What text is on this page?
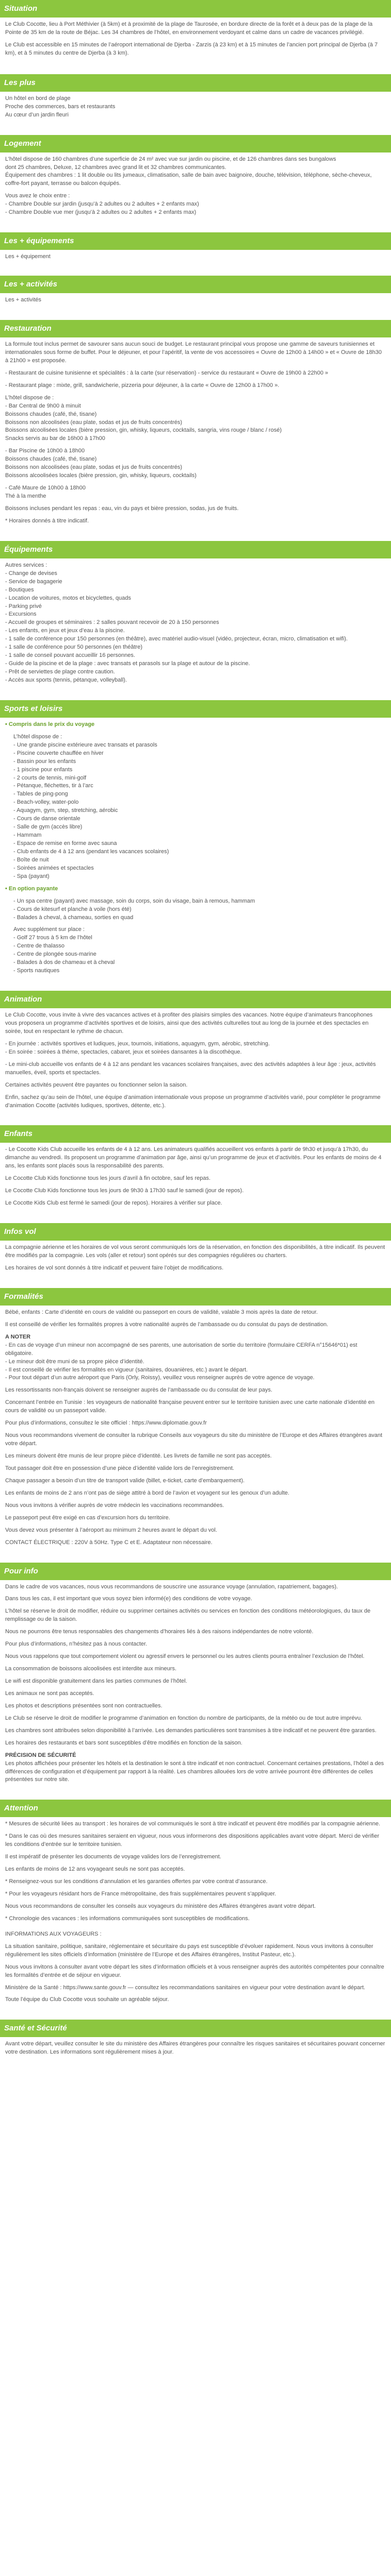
Situation

Le Club Cocotte, lieu à Port Méthivier (à 5km) et à proximité de la plage de Taurosée, en bordure directe de la forêt et à deux pas de la plage de la Pointe de 35 km de la route de Béjac. Les 34 chambres de l’hôtel, en environnement verdoyant et calme dans un cadre de vacances privilégié.

Le Club est accessible en 15 minutes de l’aéroport international de Djerba - Zarzis (à 23 km) et à 15 minutes de l’ancien port principal de Djerba (à 7 km), et à 5 minutes du centre de Djerba (à 3 km).

Les plus

Un hôtel en bord de plage

Proche des commerces, bars et restaurants

Au cœur d’un jardin fleuri

Logement

L’hôtel dispose de 160 chambres d’une superficie de 24 m² avec vue sur jardin ou piscine, et de 126 chambres dans ses bungalows

dont 25 chambres, Deluxe, 12 chambres avec grand lit et 32 chambres communicantes.

Équipement des chambres : 1 lit double ou lits jumeaux, climatisation, salle de bain avec baignoire, douche, télévision, téléphone, sèche-cheveux, coffre-fort payant, terrasse ou balcon équipés.

Vous avez le choix entre :

- Chambre Double sur jardin (jusqu’à 2 adultes ou 2 adultes + 2 enfants max)

- Chambre Double vue mer (jusqu’à 2 adultes ou 2 adultes + 2 enfants max)

Les + équipements

Les + équipement

Les + activités

Les + activités

Restauration

La formule tout inclus permet de savourer sans aucun souci de budget. Le restaurant principal vous propose une gamme de saveurs tunisiennes et internationales sous forme de buffet. Pour le déjeuner, et pour l’apéritif, la vente de vos accessoires « Ouvre de 12h00 à 14h00 » et « Ouvre de 18h30 à 21h00 » est proposée.

- Restaurant de cuisine tunisienne et spécialités : à la carte (sur réservation) - service du restaurant « Ouvre de 19h00 à 22h00 »

- Restaurant plage : mixte, grill, sandwicherie, pizzeria pour déjeuner, à la carte « Ouvre de 12h00 à 17h00 ».

L’hôtel dispose de :

- Bar Central de 9h00 à minuit

Boissons chaudes (café, thé, tisane)

Boissons non alcoolisées (eau plate, sodas et jus de fruits concentrés)

Boissons alcoolisées locales (bière pression, gin, whisky, liqueurs, cocktails, sangria, vins rouge / blanc / rosé)

Snacks servis au bar de 16h00 à 17h00

- Bar Piscine de 10h00 à 18h00

Boissons chaudes (café, thé, tisane)

Boissons non alcoolisées (eau plate, sodas et jus de fruits concentrés)

Boissons alcoolisées locales (bière pression, gin, whisky, liqueurs, cocktails)

- Café Maure de 10h00 à 18h00

Thé à la menthe

Boissons incluses pendant les repas : eau, vin du pays et bière pression, sodas, jus de fruits.

* Horaires donnés à titre indicatif.

Équipements

Autres services :

- Change de devises

- Service de bagagerie

- Boutiques

- Location de voitures, motos et bicyclettes, quads

- Parking privé

- Excursions

- Accueil de groupes et séminaires : 2 salles pouvant recevoir de 20 à 150 personnes

- Les enfants, en jeux et jeux d’eau à la piscine.

- 1 salle de conférence pour 150 personnes (en théâtre), avec matériel audio-visuel (vidéo, projecteur, écran, micro, climatisation et wifi).

- 1 salle de conférence pour 50 personnes (en théâtre)

- 1 salle de conseil pouvant accueillir 16 personnes.

- Guide de la piscine et de la plage : avec transats et parasols sur la plage et autour de la piscine.

- Prêt de serviettes de plage contre caution.

- Accès aux sports (tennis, pétanque, volleyball).

Sports et loisirs

• Compris dans le prix du voyage

L’hôtel dispose de :

- Une grande piscine extérieure avec transats et parasols

- Piscine couverte chauffée en hiver

- Bassin pour les enfants

- 1 piscine pour enfants

- 2 courts de tennis, mini-golf

- Pétanque, fléchettes, tir à l’arc

- Tables de ping-pong

- Beach-volley, water-polo

- Aquagym, gym, step, stretching, aérobic

- Cours de danse orientale

- Salle de gym (accès libre)

- Hammam

- Espace de remise en forme avec sauna

- Club enfants de 4 à 12 ans (pendant les vacances scolaires)

- Boîte de nuit

- Soirées animées et spectacles

- Spa (payant)

• En option payante

- Un spa centre (payant) avec massage, soin du corps, soin du visage, bain à remous, hammam

- Cours de kitesurf et planche à voile (hors été)

- Balades à cheval, à chameau, sorties en quad

Avec supplément sur place :

- Golf 27 trous à 5 km de l’hôtel

- Centre de thalasso

- Centre de plongée sous-marine

- Balades à dos de chameau et à cheval

- Sports nautiques

Animation

Le Club Cocotte, vous invite à vivre des vacances actives et à profiter des plaisirs simples des vacances. Notre équipe d’animateurs francophones vous proposera un programme d’activités sportives et de loisirs, ainsi que des activités culturelles tout au long de la journée et des spectacles en soirée, tout en respectant le rythme de chacun.

- En journée : activités sportives et ludiques, jeux, tournois, initiations, aquagym, gym, aérobic, stretching.

- En soirée : soirées à thème, spectacles, cabaret, jeux et soirées dansantes à la discothèque.

- Le mini-club accueille vos enfants de 4 à 12 ans pendant les vacances scolaires françaises, avec des activités adaptées à leur âge : jeux, activités manuelles, éveil, sports et spectacles.

Certaines activités peuvent être payantes ou fonctionner selon la saison.

Enfin, sachez qu’au sein de l’hôtel, une équipe d’animation internationale vous propose un programme d’activités varié, pour compléter le programme d’animation Cocotte (activités ludiques, sportives, détente, etc.).

Enfants

- Le Cocotte Kids Club accueille les enfants de 4 à 12 ans. Les animateurs qualifiés accueillent vos enfants à partir de 9h30 et jusqu’à 17h30, du dimanche au vendredi. Ils proposent un programme d’animation par âge, ainsi qu’un programme de jeux et d’activités. Pour les enfants de moins de 4 ans, les enfants sont placés sous la responsabilité des parents.

Le Cocotte Club Kids fonctionne tous les jours d’avril à fin octobre, sauf les repas.

Le Cocotte Club Kids fonctionne tous les jours de 9h30 à 17h30 sauf le samedi (jour de repos).

Le Cocotte Kids Club est fermé le samedi (jour de repos). Horaires à vérifier sur place.

Infos vol

La compagnie aérienne et les horaires de vol vous seront communiqués lors de la réservation, en fonction des disponibilités, à titre indicatif. Ils peuvent être modifiés par la compagnie. Les vols (aller et retour) sont opérés sur des compagnies régulières ou charters.

Les horaires de vol sont donnés à titre indicatif et peuvent faire l’objet de modifications.

Formalités

Bébé, enfants : Carte d’identité en cours de validité ou passeport en cours de validité, valable 3 mois après la date de retour.

Il est conseillé de vérifier les formalités propres à votre nationalité auprès de l’ambassade ou du consulat du pays de destination.

A NOTER

- En cas de voyage d’un mineur non accompagné de ses parents, une autorisation de sortie du territoire (formulaire CERFA n°15646*01) est obligatoire.

- Le mineur doit être muni de sa propre pièce d’identité.

- Il est conseillé de vérifier les formalités en vigueur (sanitaires, douanières, etc.) avant le départ.

- Pour tout départ d’un autre aéroport que Paris (Orly, Roissy), veuillez vous renseigner auprès de votre agence de voyage.

Les ressortissants non-français doivent se renseigner auprès de l’ambassade ou du consulat de leur pays.

Concernant l’entrée en Tunisie : les voyageurs de nationalité française peuvent entrer sur le territoire tunisien avec une carte nationale d’identité en cours de validité ou un passeport valide.

Pour plus d’informations, consultez le site officiel : https://www.diplomatie.gouv.fr

Nous vous recommandons vivement de consulter la rubrique Conseils aux voyageurs du site du ministère de l’Europe et des Affaires étrangères avant votre départ.

Les mineurs doivent être munis de leur propre pièce d’identité. Les livrets de famille ne sont pas acceptés.

Tout passager doit être en possession d’une pièce d’identité valide lors de l’enregistrement.

Chaque passager a besoin d’un titre de transport valide (billet, e-ticket, carte d’embarquement).

Les enfants de moins de 2 ans n’ont pas de siège attitré à bord de l’avion et voyagent sur les genoux d’un adulte.

Nous vous invitons à vérifier auprès de votre médecin les vaccinations recommandées.

Le passeport peut être exigé en cas d’excursion hors du territoire.

Vous devez vous présenter à l’aéroport au minimum 2 heures avant le départ du vol.

CONTACT ÉLECTRIQUE : 220V à 50Hz. Type C et E. Adaptateur non nécessaire.

Pour info

Dans le cadre de vos vacances, nous vous recommandons de souscrire une assurance voyage (annulation, rapatriement, bagages).

Dans tous les cas, il est important que vous soyez bien informé(e) des conditions de votre voyage.

L’hôtel se réserve le droit de modifier, réduire ou supprimer certaines activités ou services en fonction des conditions météorologiques, du taux de remplissage ou de la saison.

Nous ne pourrons être tenus responsables des changements d’horaires liés à des raisons indépendantes de notre volonté.

Pour plus d’informations, n’hésitez pas à nous contacter.

Nous vous rappelons que tout comportement violent ou agressif envers le personnel ou les autres clients pourra entraîner l’exclusion de l’hôtel.

La consommation de boissons alcoolisées est interdite aux mineurs.

Le wifi est disponible gratuitement dans les parties communes de l’hôtel.

Les animaux ne sont pas acceptés.

Les photos et descriptions présentées sont non contractuelles.

Le Club se réserve le droit de modifier le programme d’animation en fonction du nombre de participants, de la météo ou de tout autre imprévu.

Les chambres sont attribuées selon disponibilité à l’arrivée. Les demandes particulières sont transmises à titre indicatif et ne peuvent être garanties.

Les horaires des restaurants et bars sont susceptibles d’être modifiés en fonction de la saison.

PRÉCISION DE SÉCURITÉ

Les photos affichées pour présenter les hôtels et la destination le sont à titre indicatif et non contractuel. Concernant certaines prestations, l’hôtel a des différences de configuration et d’équipement par rapport à la réalité. Les chambres allouées lors de votre arrivée pourront être différentes de celles présentées sur notre site.

Attention

* Mesures de sécurité liées au transport : les horaires de vol communiqués le sont à titre indicatif et peuvent être modifiés par la compagnie aérienne.

* Dans le cas où des mesures sanitaires seraient en vigueur, nous vous informerons des dispositions applicables avant votre départ. Merci de vérifier les conditions d’entrée sur le territoire tunisien.

Il est impératif de présenter les documents de voyage valides lors de l’enregistrement.

Les enfants de moins de 12 ans voyageant seuls ne sont pas acceptés.

* Renseignez-vous sur les conditions d’annulation et les garanties offertes par votre contrat d’assurance.

* Pour les voyageurs résidant hors de France métropolitaine, des frais supplémentaires peuvent s’appliquer.

Nous vous recommandons de consulter les conseils aux voyageurs du ministère des Affaires étrangères avant votre départ.

* Chronologie des vacances : les informations communiquées sont susceptibles de modifications.

INFORMATIONS AUX VOYAGEURS :

La situation sanitaire, politique, sanitaire, réglementaire et sécuritaire du pays est susceptible d’évoluer rapidement. Nous vous invitons à consulter régulièrement les sites officiels d’information (ministère de l’Europe et des Affaires étrangères, Institut Pasteur, etc.).

Nous vous invitons à consulter avant votre départ les sites d’information officiels et à vous renseigner auprès des autorités compétentes pour connaître les formalités d’entrée et de séjour en vigueur.

Ministère de la Santé : https://www.sante.gouv.fr — consultez les recommandations sanitaires en vigueur pour votre destination avant le départ.

Toute l’équipe du Club Cocotte vous souhaite un agréable séjour.

Santé et Sécurité

Avant votre départ, veuillez consulter le site du ministère des Affaires étrangères pour connaître les risques sanitaires et sécuritaires pouvant concerner votre destination. Les informations sont régulièrement mises à jour.
